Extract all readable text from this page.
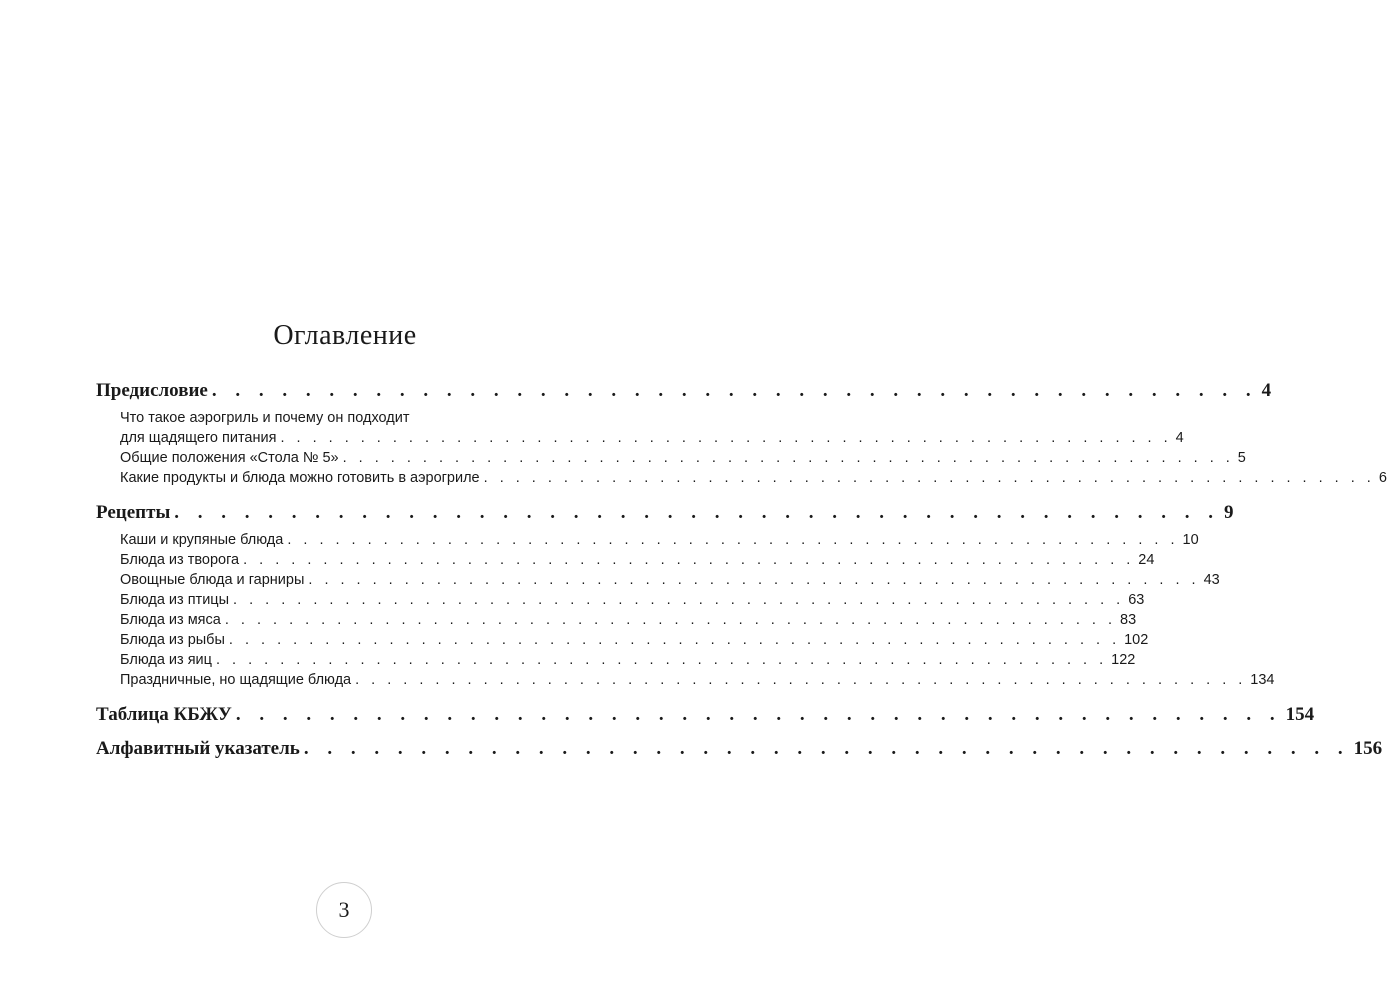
Оглавление
Предисловие . . . . . . . . . . . . . . . . . . . . . . . . . . . . . . . . . . . . . . . . . . . . . 4
Что такое аэрогриль и почему он подходит
для щадящего питания . . . . . . . . . . . . . . . . . . . . . . . . . . . . . . . . . . . . . . . . . . . . . . . . . . . . . . . . 4
Общие положения «Стола № 5» . . . . . . . . . . . . . . . . . . . . . . . . . . . . . . . . . . . . . . . . . . . . . . . . . . . . . . . . 5
Какие продукты и блюда можно готовить в аэрогриле . . . . . . . . . . . . . . . . . . . . . . . . . . . . . . . . . . . . . . . . . . . . . . . . . . . . . . . . 6
Рецепты . . . . . . . . . . . . . . . . . . . . . . . . . . . . . . . . . . . . . . . . . . . . . 9
Каши и крупяные блюда . . . . . . . . . . . . . . . . . . . . . . . . . . . . . . . . . . . . . . . . . . . . . . . . . . . . . . . . 10
Блюда из творога . . . . . . . . . . . . . . . . . . . . . . . . . . . . . . . . . . . . . . . . . . . . . . . . . . . . . . . . 24
Овощные блюда и гарниры . . . . . . . . . . . . . . . . . . . . . . . . . . . . . . . . . . . . . . . . . . . . . . . . . . . . . . . . 43
Блюда из птицы . . . . . . . . . . . . . . . . . . . . . . . . . . . . . . . . . . . . . . . . . . . . . . . . . . . . . . . . 63
Блюда из мяса . . . . . . . . . . . . . . . . . . . . . . . . . . . . . . . . . . . . . . . . . . . . . . . . . . . . . . . . 83
Блюда из рыбы . . . . . . . . . . . . . . . . . . . . . . . . . . . . . . . . . . . . . . . . . . . . . . . . . . . . . . . . 102
Блюда из яиц . . . . . . . . . . . . . . . . . . . . . . . . . . . . . . . . . . . . . . . . . . . . . . . . . . . . . . . . 122
Праздничные, но щадящие блюда . . . . . . . . . . . . . . . . . . . . . . . . . . . . . . . . . . . . . . . . . . . . . . . . . . . . . . . . 134
Таблица КБЖУ . . . . . . . . . . . . . . . . . . . . . . . . . . . . . . . . . . . . . . . . . . . . . 154
Алфавитный указатель . . . . . . . . . . . . . . . . . . . . . . . . . . . . . . . . . . . . . . . . . . . . . 156
3
